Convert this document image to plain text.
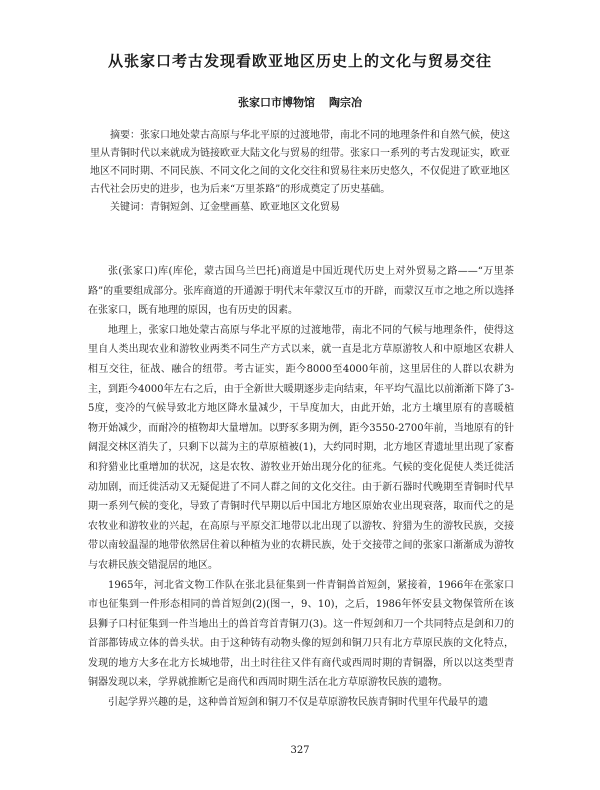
从张家口考古发现看欧亚地区历史上的文化与贸易交往
张家口市博物馆 陶宗冶

摘要：张家口地处蒙古高原与华北平原的过渡地带，南北不同的地理条件和自然气候，使这里从青铜时代以来就成为链接欧亚大陆文化与贸易的纽带。张家口一系列的考古发现证实，欧亚地区不同时期、不同民族、不同文化之间的文化交往和贸易往来历史悠久，不仅促进了欧亚地区古代社会历史的进步，也为后来“万里茶路”的形成奠定了历史基础。

关键词：青铜短剑、辽金壁画墓、欧亚地区文化贸易

张(张家口)库(库伦，蒙古国乌兰巴托)商道是中国近现代历史上对外贸易之路——“万里茶路”的重要组成部分。张库商道的开通源于明代末年蒙汉互市的开辟，而蒙汉互市之地之所以选择在张家口，既有地理的原因，也有历史的因素。

地理上，张家口地处蒙古高原与华北平原的过渡地带，南北不同的气候与地理条件，使得这里自人类出现农业和游牧业两类不同生产方式以来，就一直是北方草原游牧人和中原地区农耕人相互交往，征战、融合的纽带。考古证实，距今8000至4000年前，这里居住的人群以农耕为主，到距今4000年左右之后，由于全新世大暖期逐步走向结束，年平均气温比以前渐渐下降了3-5度，变冷的气候导致北方地区降水量减少，干旱度加大，由此开始，北方土壤里原有的喜暖植物开始减少，而耐冷的植物却大量增加。以野豕多期为例，距今3550-2700年前，当地原有的针阔混交林区消失了，只剩下以蒿为主的草原植被(1)，大约同时期，北方地区青遗址里出现了家畜和狩猎业比重增加的状况，这是农牧、游牧业开始出现分化的征兆。气候的变化促使人类迁徙活动加剧，而迁徙活动又无疑促进了不同人群之间的文化交往。由于新石器时代晚期至青铜时代早期一系列气候的变化，导致了青铜时代早期以后中国北方地区原始农业出现衰落，取而代之的是农牧业和游牧业的兴起，在高原与平原交汇地带以北出现了以游牧、狩猎为生的游牧民族，交接带以南较温湿的地带依然居住着以种植为业的农耕民族，处于交接带之间的张家口渐渐成为游牧与农耕民族交错混居的地区。

1965年，河北省文物工作队在张北县征集到一件青铜兽首短剑，紧接着，1966年在张家口市也征集到一件形态相同的兽首短剑(2)(图一，9、10)，之后，1986年怀安县文物保管所在该县狮子口村征集到一件当地出土的兽首弯首青铜刀(3)。这一件短剑和刀一个共同特点是剑和刀的首部都铸成立体的兽头状。由于这种铸有动物头像的短剑和铜刀只有北方草原民族的文化特点，发现的地方大多在北方长城地带，出土时往往又伴有商代或西周时期的青铜器，所以以这类型青铜器发现以来，学界就推断它是商代和西周时期生活在北方草原游牧民族的遗物。

引起学界兴趣的是，这种兽首短剑和铜刀不仅是草原游牧民族青铜时代里年代最早的遗

327
